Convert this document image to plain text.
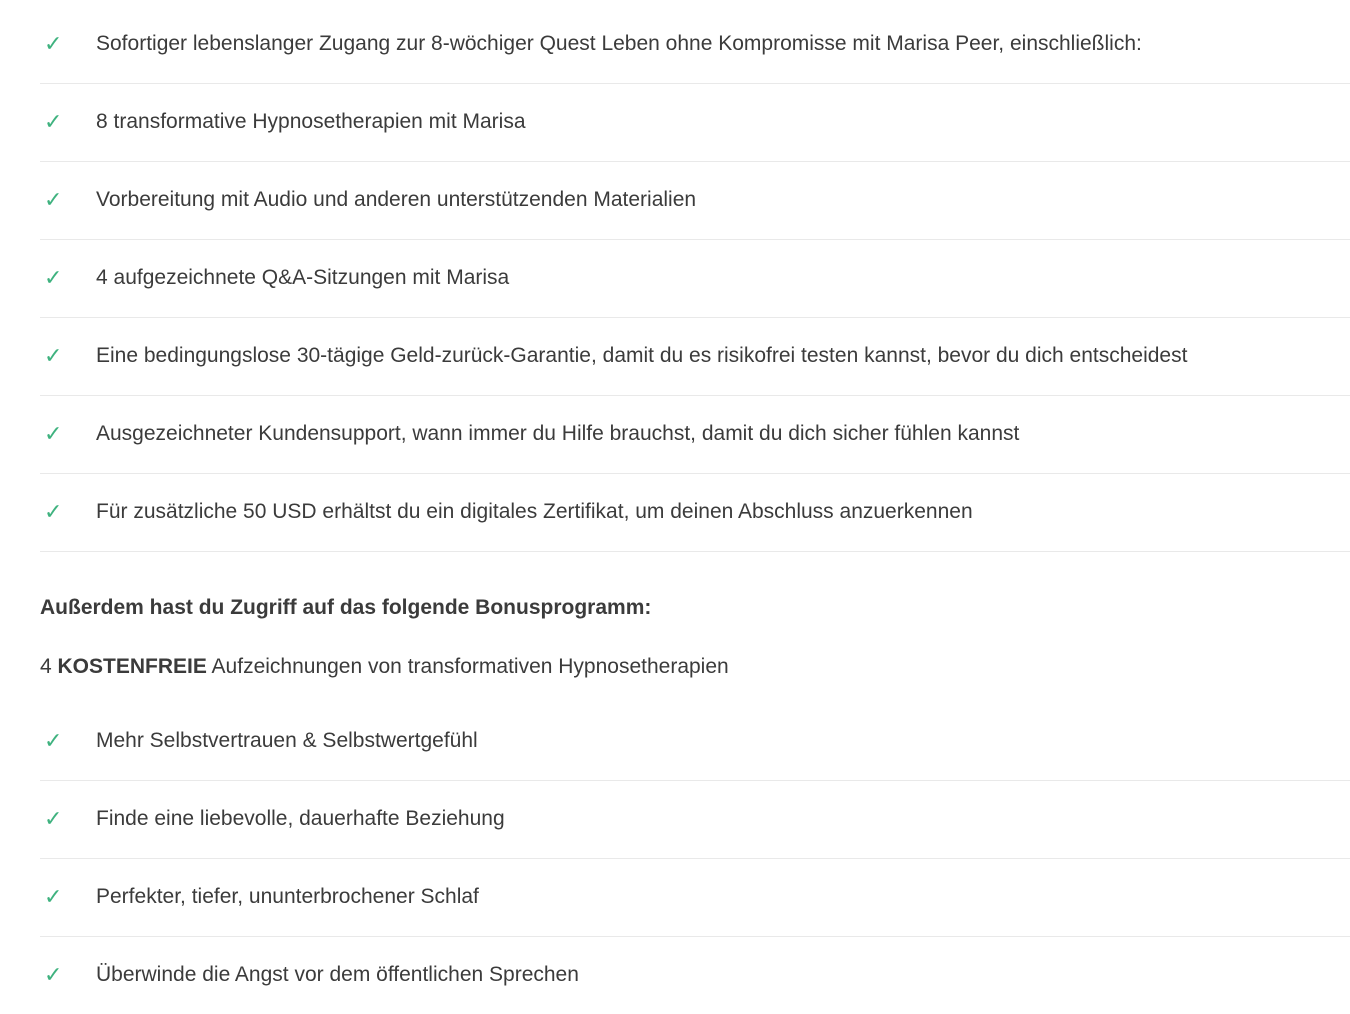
✓	Sofortiger lebenslanger Zugang zur 8-wöchiger Quest Leben ohne Kompromisse mit Marisa Peer, einschließlich:
✓	8 transformative Hypnosetherapien mit Marisa
✓	Vorbereitung mit Audio und anderen unterstützenden Materialien
✓	4 aufgezeichnete Q&A-Sitzungen mit Marisa
✓	Eine bedingungslose 30-tägige Geld-zurück-Garantie, damit du es risikofrei testen kannst, bevor du dich entscheidest
✓	Ausgezeichneter Kundensupport, wann immer du Hilfe brauchst, damit du dich sicher fühlen kannst
✓	Für zusätzliche 50 USD erhältst du ein digitales Zertifikat, um deinen Abschluss anzuerkennen
Außerdem hast du Zugriff auf das folgende Bonusprogramm:

4 KOSTENFREIE Aufzeichnungen von transformativen Hypnosetherapien

✓	Mehr Selbstvertrauen & Selbstwertgefühl
✓	Finde eine liebevolle, dauerhafte Beziehung
✓	Perfekter, tiefer, ununterbrochener Schlaf
✓	Überwinde die Angst vor dem öffentlichen Sprechen
